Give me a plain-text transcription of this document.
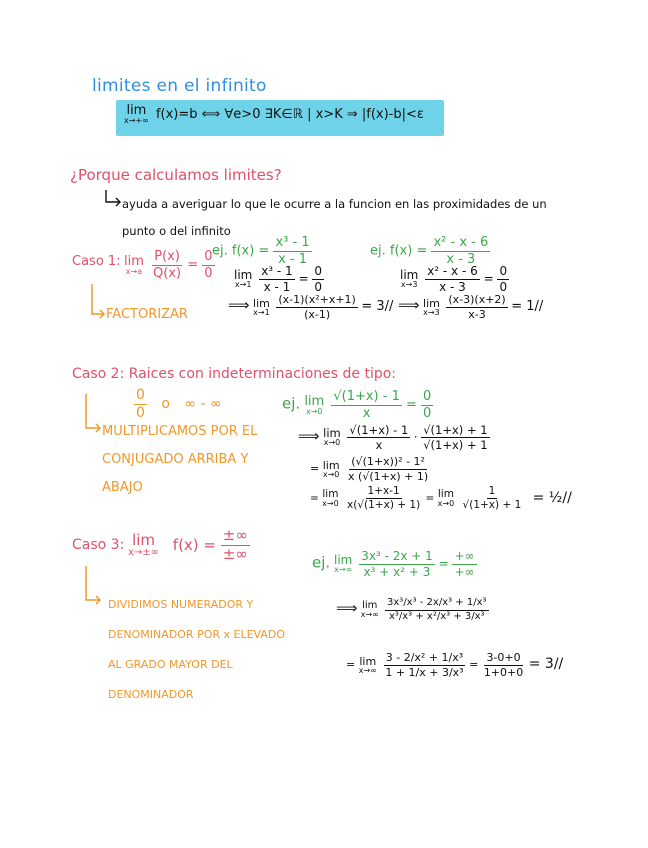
limites en el infinito
lim
x→+∞ f(x)=b ⟺ ∀e>0 ∃K∈ℝ | x>K ⇒ |f(x)-b|<ε
¿Porque calculamos limites?
ayuda a averiguar lo que le ocurre a la funcion en las proximidades de un
punto o del infinito
Caso 1: lim
x→a
$\frac{P(x)}{Q(x)} = \frac{0}{0}$
FACTORIZAR
ej. $f(x) = \frac{\text{x³ - 1}}{x - 1}$
lim
x→1
$\frac{\text{x³ - 1}}{x - 1} = \frac{0}{0}$
⟹ lim
x→1
$\frac{\text{(x-1)(x²+x+1)}}{(x-1)} = 3//$
ej. $f(x) = \frac{\text{x² - x - 6}}{x - 3}$
lim
x→3
$\frac{\text{x² - x - 6}}{x - 3} = \frac{0}{0}$
⟹ lim
x→3
$\frac{(x-3)(x+2)}{x-3} = 1//$
Caso 2: Raices con indeterminaciones de tipo:
$\frac{0}{0}$ o ∞ - ∞
MULTIPLICAMOS POR EL
CONJUGADO ARRIBA Y
ABAJO
ej. lim
x→0
$\frac{√(1+x) - 1}{x} = \frac{0}{0}$
⟹ lim
x→0
$\frac{√(1+x) - 1}{x} \cdot \frac{√(1+x) + 1}{√(1+x) + 1}$
= lim
x→0
$\frac{\text{(√(1+x))² - 1²}}{x (√(1+x) + 1)}$
= lim
x→0
$\frac{1+x-1}{x(√(1+x) + 1)} = \lim$
x→0
$\frac{1}{√(1+x) + 1}$ = ½//
Caso 3: lim
x→±∞ $f(x) = \frac{\pm\infty}{\pm\infty}$
DIVIDIMOS NUMERADOR Y
DENOMINADOR POR x ELEVADO
AL GRADO MAYOR DEL
DENOMINADOR
ej. lim
x→∞
$\frac{\text{3x³ - 2x + 1}}{\text{x³ + x² + 3}} = \frac{+\infty}{+\infty}$
⟹ lim
x→∞
$\frac{\text{3x³/x³ - 2x/x³ + 1/x³}}{\text{x³/x³ + x²/x³ + 3/x³}}$
= lim
x→∞
$\frac{\text{3 - 2/x² + 1/x³}}{\text{1 + 1/x + 3/x³}} = \frac{3-0+0}{1+0+0} = 3//$
